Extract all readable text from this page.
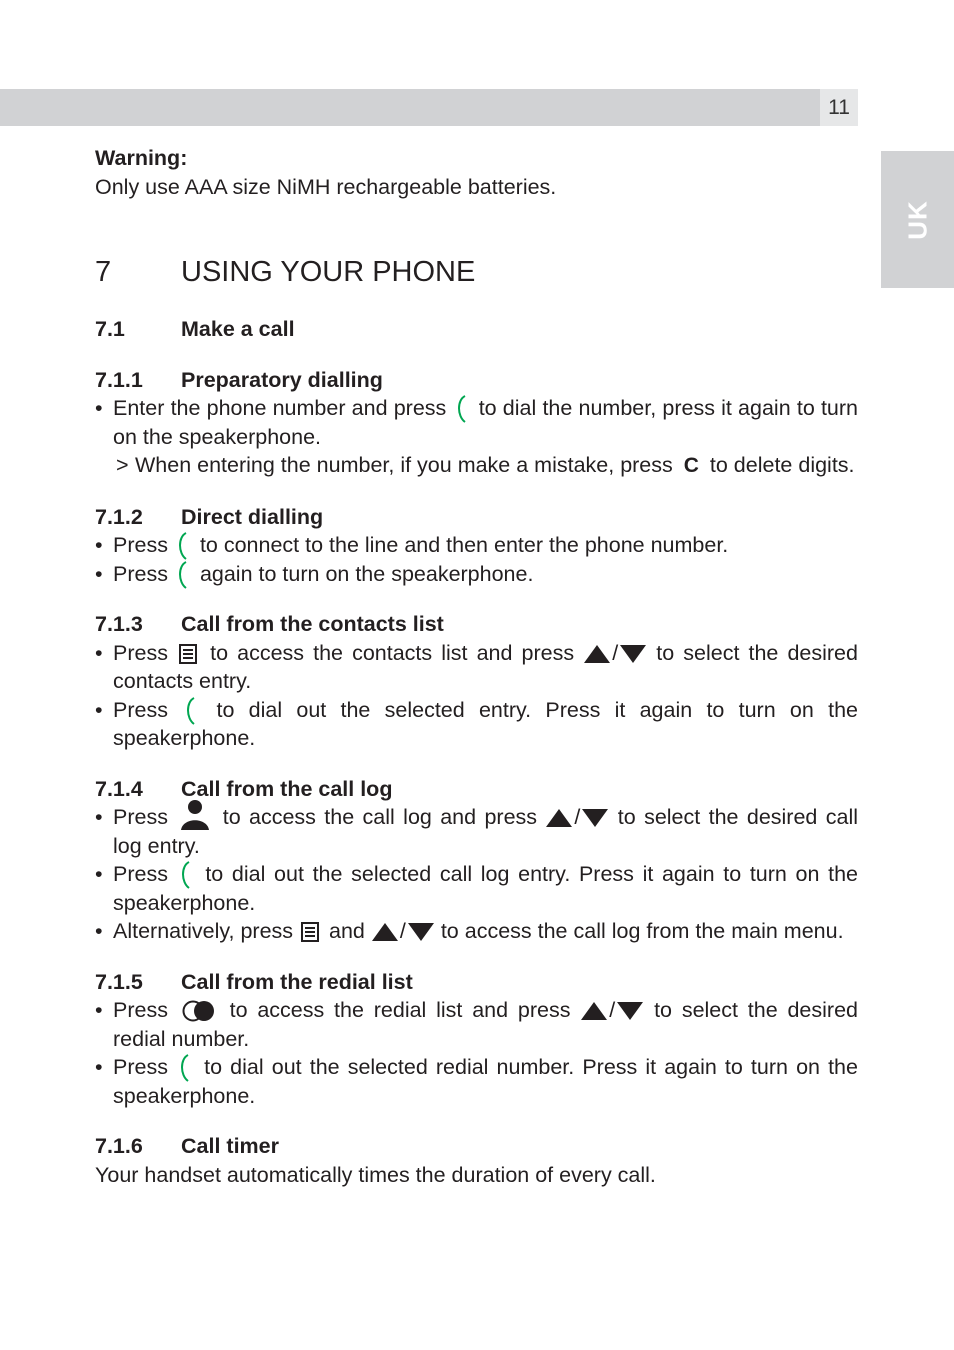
11
UK

Warning:

Only use AAA size NiMH rechargeable batteries.

7	USING YOUR PHONE
7.1	Make a call
7.1.1	Preparatory dialling
• Enter the phone number and press to dial the number, press it again to turn on the speakerphone.
> When entering the number, if you make a mistake, press C to delete digits.
7.1.2	Direct dialling
• Press to connect to the line and then enter the phone number.
• Press again to turn on the speakerphone.
7.1.3	Call from the contacts list
• Press to access the contacts list and press / to select the desired contacts entry.
• Press to dial out the selected entry. Press it again to turn on the speakerphone.
7.1.4	Call from the call log
• Press	to access the call log and press / to select the desired call log entry.
• Press to dial out the selected call log entry. Press it again to turn on the speakerphone.
• Alternatively, press and / to access the call log from the main menu.
7.1.5	Call from the redial list
• Press	to access the redial list and press / to select the desired redial number.
• Press to dial out the selected redial number. Press it again to turn on the speakerphone.
7.1.6	Call timer

Your handset automatically times the duration of every call.
